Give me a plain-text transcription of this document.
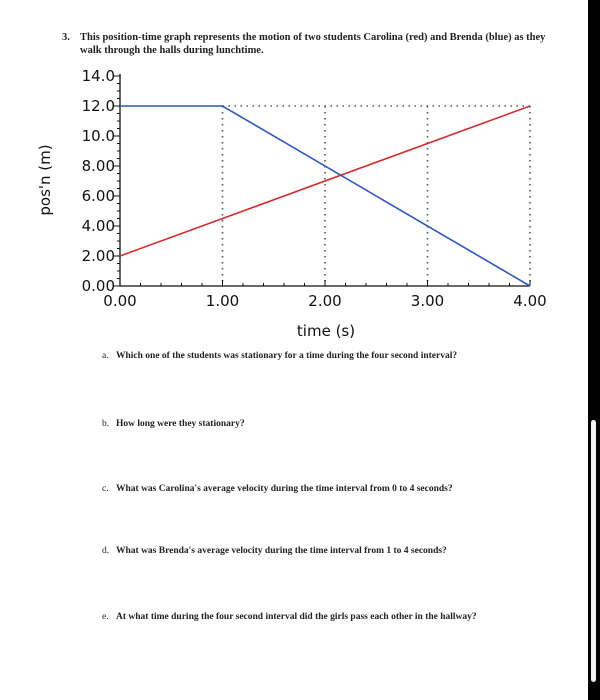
3. This position-time graph represents the motion of two students Carolina (red) and Brenda (blue) as they
walk through the halls during lunchtime.
0.00
2.00
4.00
6.00
8.00
10.0
12.0
14.0
0.00	1.00	2.00	3.00	4.00
time (s)
pos'n (m)
a. Which one of the students was stationary for a time during the four second interval?
b. How long were they stationary?
c. What was Carolina's average velocity during the time interval from 0 to 4 seconds?
d. What was Brenda's average velocity during the time interval from 1 to 4 seconds?
e. At what time during the four second interval did the girls pass each other in the hallway?
